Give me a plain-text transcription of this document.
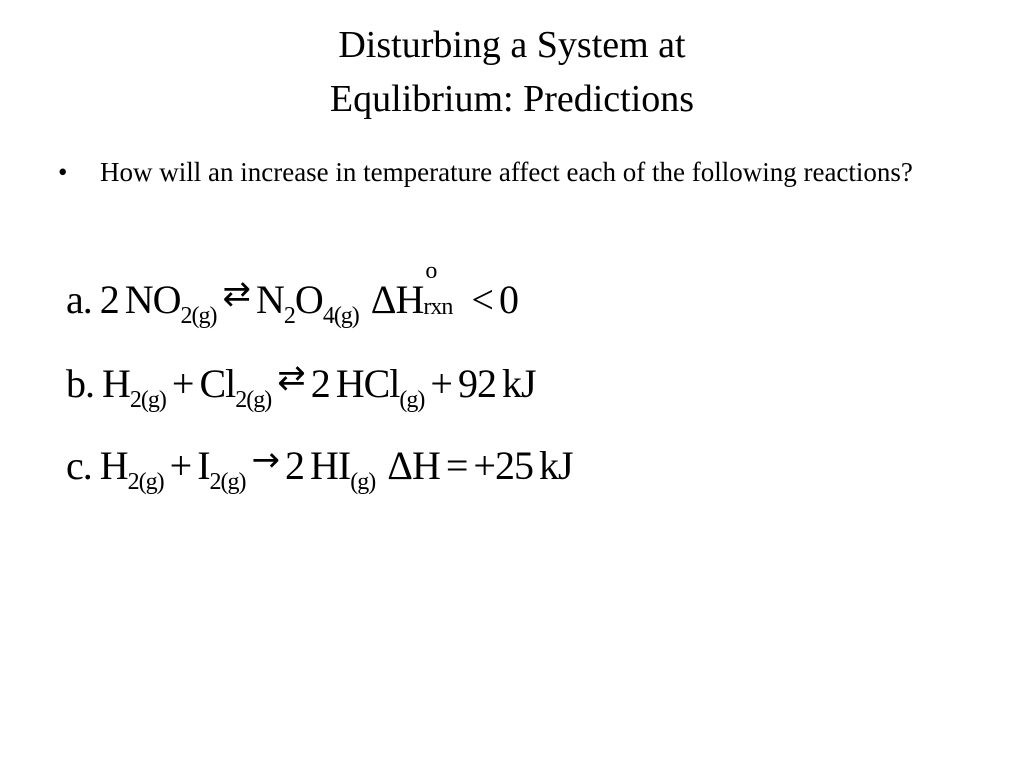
Disturbing a System at
Equlibrium: Predictions
• How will an increase in temperature affect each of the following reactions?
a. 2 $NO_{2(g)}⇄$ $N_2O_{4(g)}$ ΔH
o
rxn < 0
b. $H_{2(g)}$ + $Cl_{2(g)}⇄$ 2 HCl$_{(g)}$ + 92 kJ
c. $H_{2(g)} + I_{2(g)}\to 2$ $HI_{(g)}$ ΔH = +25 kJ
